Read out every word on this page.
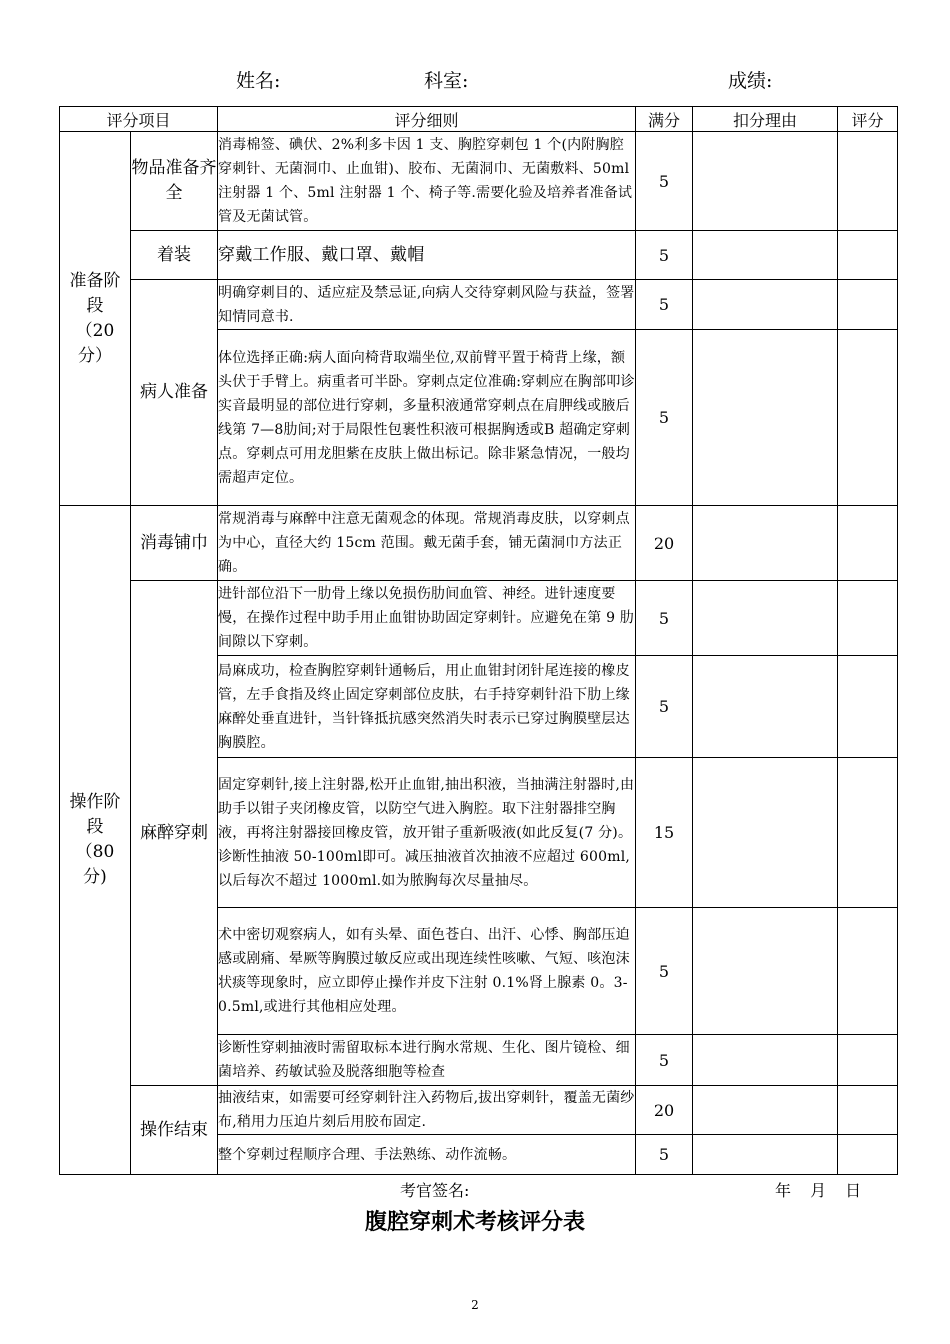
姓名:	科室:	成绩:
评分项目		评分细则	满分	扣分理由	评分

准备阶段（20分）	物品准备齐全	消毒棉签、碘伏、2%利多卡因 1 支、胸腔穿刺包 1 个(内附胸腔穿刺针、无菌洞巾、止血钳)、胶布、无菌洞巾、无菌敷料、50ml 注射器 1 个、5ml 注射器 1 个、椅子等.需要化验及培养者准备试管及无菌试管。	5		
	着装	穿戴工作服、戴口罩、戴帽	5		
	病人准备	明确穿刺目的、适应症及禁忌证,向病人交待穿刺风险与获益，签署知情同意书.	5		
		体位选择正确:病人面向椅背取端坐位,双前臂平置于椅背上缘，额头伏于手臂上。病重者可半卧。穿刺点定位准确:穿刺应在胸部叩诊实音最明显的部位进行穿刺，多量积液通常穿刺点在肩胛线或腋后线第 7—8肋间;对于局限性包裹性积液可根据胸透或B 超确定穿刺点。穿刺点可用龙胆紫在皮肤上做出标记。除非紧急情况，一般均需超声定位。	5		

操作阶段（80分)	消毒铺巾	常规消毒与麻醉中注意无菌观念的体现。常规消毒皮肤，以穿刺点为中心，直径大约 15cm 范围。戴无菌手套，铺无菌洞巾方法正确。	20		
	麻醉穿刺	进针部位沿下一肋骨上缘以免损伤肋间血管、神经。进针速度要慢，在操作过程中助手用止血钳协助固定穿刺针。应避免在第 9 肋间隙以下穿刺。	5		
		局麻成功，检查胸腔穿刺针通畅后，用止血钳封闭针尾连接的橡皮管，左手食指及终止固定穿刺部位皮肤，右手持穿刺针沿下肋上缘麻醉处垂直进针，当针锋抵抗感突然消失时表示已穿过胸膜壁层达胸膜腔。	5		
		固定穿刺针,接上注射器,松开止血钳,抽出积液，当抽满注射器时,由助手以钳子夹闭橡皮管，以防空气进入胸腔。取下注射器排空胸液，再将注射器接回橡皮管，放开钳子重新吸液(如此反复(7 分)。诊断性抽液 50-100ml即可。减压抽液首次抽液不应超过 600ml,以后每次不超过 1000ml.如为脓胸每次尽量抽尽。	15		
		术中密切观察病人，如有头晕、面色苍白、出汗、心悸、胸部压迫感或剧痛、晕厥等胸膜过敏反应或出现连续性咳嗽、气短、咳泡沫状痰等现象时，应立即停止操作并皮下注射 0.1%肾上腺素 0。3-0.5ml,或进行其他相应处理。	5		
		诊断性穿刺抽液时需留取标本进行胸水常规、生化、图片镜检、细菌培养、药敏试验及脱落细胞等检查	5		
	操作结束	抽液结束，如需要可经穿刺针注入药物后,拔出穿刺针，覆盖无菌纱布,稍用力压迫片刻后用胶布固定.	20		
		整个穿刺过程顺序合理、手法熟练、动作流畅。	5		
考官签名:	年 月 日
腹腔穿刺术考核评分表
2
